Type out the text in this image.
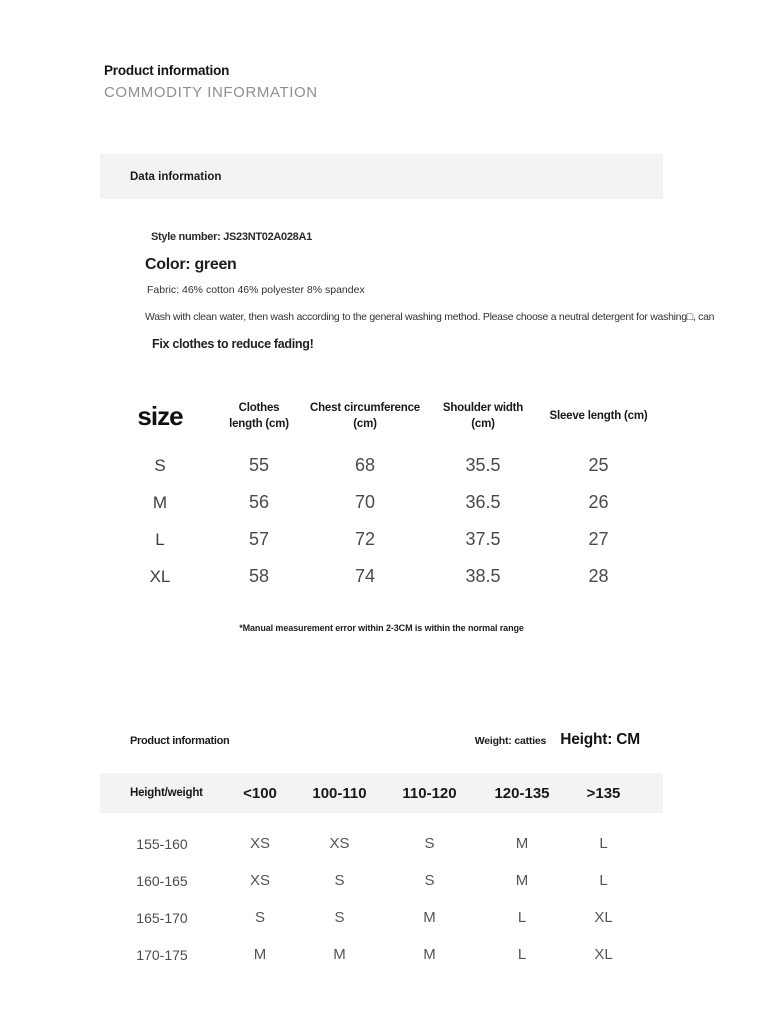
Product information
COMMODITY INFORMATION
Data information

Style number: JS23NT02A028A1

Color: green

Fabric: 46% cotton 46% polyester 8% spandex

Wash with clean water, then wash according to the general washing method. Please choose a neutral detergent for washing□, can

Fix clothes to reduce fading!

size	Clothes length (cm)	Chest circumference (cm)	Shoulder width (cm)	Sleeve length (cm)
S	55	68	35.5	25
M	56	70	36.5	26
L	57	72	37.5	27
XL	58	74	38.5	28

*Manual measurement error within 2-3CM is within the normal range

Product information	Weight: catties Height: CM
Height/weight	<100	100-110	110-120	120-135	>135

155-160	XS	XS	S	M	L
160-165	XS	S	S	M	L
165-170	S	S	M	L	XL
170-175	M	M	M	L	XL
